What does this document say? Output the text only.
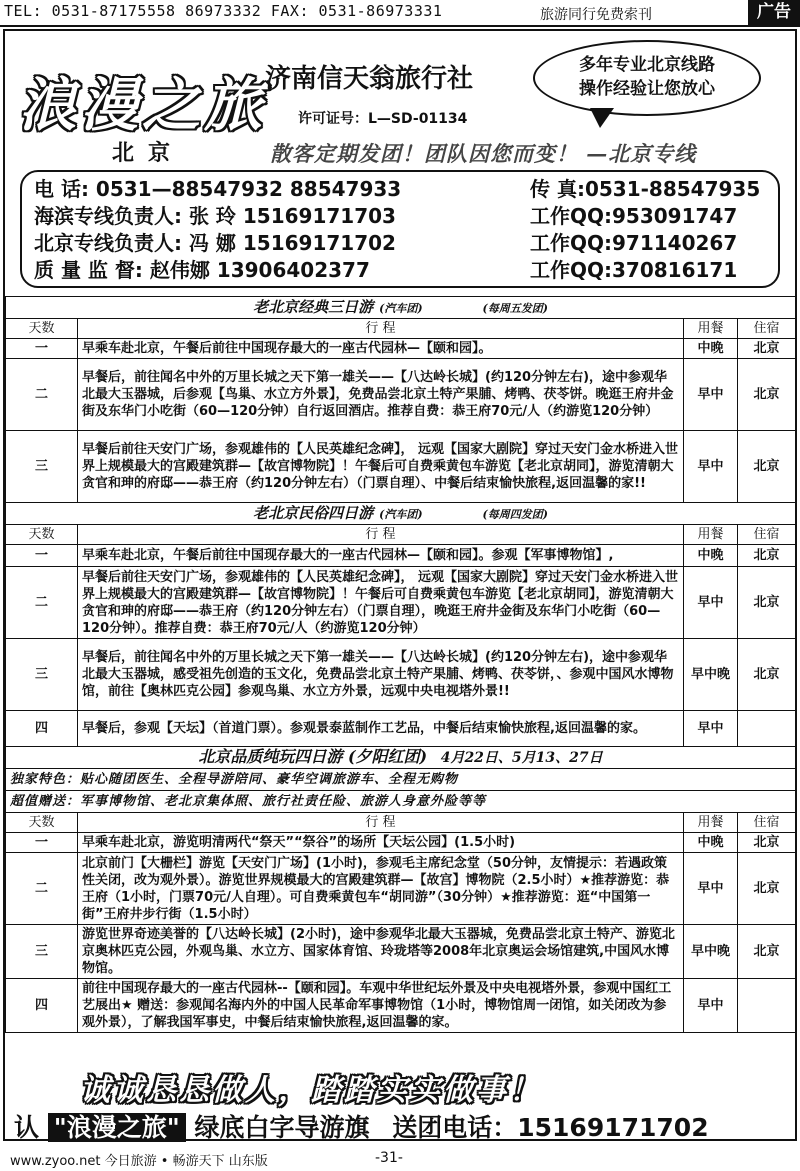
TEL: 0531-87175558 86973332 FAX: 0531-86973331	旅游同行免费索刊	广告
浪漫之旅
济南信天翁旅行社
许可证号：L—SD-01134
多年专业北京线路
操作经验让您放心
北京	散客定期发团！团队因您而变！ —北京专线
电 话: 0531—88547932 88547933	传 真:0531-88547935
海滨专线负责人: 张 玲 15169171703	工作QQ:953091747
北京专线负责人: 冯 娜 15169171702	工作QQ:971140267
质 量 监 督: 赵伟娜 13906402377	工作QQ:370816171
老北京经典三日游 (汽车团) (每周五发团)			
天数	行 程	用餐	住宿
一	早乘车赴北京，午餐后前往中国现存最大的一座古代园林—【颐和园】。	中晚	北京
二	早餐后，前往闻名中外的万里长城之天下第一雄关——【八达岭长城】(约120分钟左右)，途中参观华北最大玉器城，后参观【鸟巢、水立方外景】，免费品尝北京土特产果脯、烤鸭、茯苓饼。晚逛王府井金街及东华门小吃街（60—120分钟）自行返回酒店。推荐自费：恭王府70元/人（约游览120分钟）	早中	北京
三	早餐后前往天安门广场，参观雄伟的【人民英雄纪念碑】， 远观【国家大剧院】穿过天安门金水桥进入世界上规模最大的宫殿建筑群—【故宫博物院】！午餐后可自费乘黄包车游览【老北京胡同】，游览清朝大贪官和珅的府邸——恭王府（约120分钟左右）（门票自理）、中餐后结束愉快旅程,返回温馨的家!!	早中	北京
老北京民俗四日游 (汽车团) (每周四发团)			
天数	行 程	用餐	住宿
一	早乘车赴北京，午餐后前往中国现存最大的一座古代园林—【颐和园】。参观【军事博物馆】,	中晚	北京
二	早餐后前往天安门广场，参观雄伟的【人民英雄纪念碑】， 远观【国家大剧院】穿过天安门金水桥进入世界上规模最大的宫殿建筑群—【故宫博物院】！午餐后可自费乘黄包车游览【老北京胡同】，游览清朝大贪官和珅的府邸——恭王府（约120分钟左右）（门票自理），晚逛王府井金街及东华门小吃街（60—120分钟）。推荐自费：恭王府70元/人（约游览120分钟）	早中	北京
三	早餐后，前往闻名中外的万里长城之天下第一雄关——【八达岭长城】(约120分钟左右)，途中参观华北最大玉器城，感受祖先创造的玉文化，免费品尝北京土特产果脯、烤鸭、茯苓饼，、参观中国风水博物馆，前往【奥林匹克公园】参观鸟巢、水立方外景，远观中央电视塔外景!!	早中晚	北京
四	早餐后，参观【天坛】（首道门票）。参观景泰蓝制作工艺品，中餐后结束愉快旅程,返回温馨的家。	早中	
北京品质纯玩四日游 (夕阳红团) 4月22日、5月13、27日			
独家特色：贴心随团医生、全程导游陪同、豪华空调旅游车、全程无购物			
超值赠送：军事博物馆、老北京集体照、旅行社责任险、旅游人身意外险等等			
天数	行 程	用餐	住宿
一	早乘车赴北京，游览明清两代“祭天”“祭谷”的场所【天坛公园】(1.5小时)	中晚	北京
二	北京前门【大栅栏】游览【天安门广场】(1小时)，参观毛主席纪念堂（50分钟，友情提示：若遇政策性关闭，改为观外景）。游览世界规模最大的宫殿建筑群—【故宫】博物院（2.5小时）★推荐游览：恭王府（1小时，门票70元/人自理）。可自费乘黄包车“胡同游”（30分钟）★推荐游览：逛“中国第一街”王府井步行街（1.5小时）	早中	北京
三	游览世界奇迹美誉的【八达岭长城】(2小时)，途中参观华北最大玉器城，免费品尝北京土特产、游览北京奥林匹克公园，外观鸟巢、水立方、国家体育馆、玲珑塔等2008年北京奥运会场馆建筑,中国风水博物馆。	早中晚	北京
四	前往中国现存最大的一座古代园林--【颐和园】。车观中华世纪坛外景及中央电视塔外景，参观中国红工艺展出★ 赠送：参观闻名海内外的中国人民革命军事博物馆（1小时，博物馆周一闭馆，如关闭改为参观外景），了解我国军事史，中餐后结束愉快旅程,返回温馨的家。	早中	
诚诚恳恳做人，踏踏实实做事！
认 "浪漫之旅" 绿底白字导游旗 送团电话：15169171702
www.zyoo.net 今日旅游 • 畅游天下 山东版	-31-
